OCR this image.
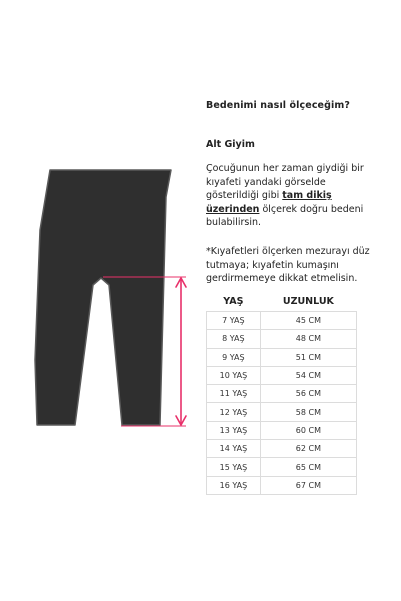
Bedenimi nasıl ölçeceğim?
Alt Giyim
Çocuğunun her zaman giydiği bir kıyafeti yandaki görselde gösterildiği gibi tam dikiş üzerinden ölçerek doğru bedeni bulabilirsin.
*Kıyafetleri ölçerken mezurayı düz tutmaya; kıyafetin kumaşını gerdirmemeye dikkat etmelisin.
YAŞ	UZUNLUK
7 YAŞ	45 CM
8 YAŞ	48 CM
9 YAŞ	51 CM
10 YAŞ	54 CM
11 YAŞ	56 CM
12 YAŞ	58 CM
13 YAŞ	60 CM
14 YAŞ	62 CM
15 YAŞ	65 CM
16 YAŞ	67 CM
